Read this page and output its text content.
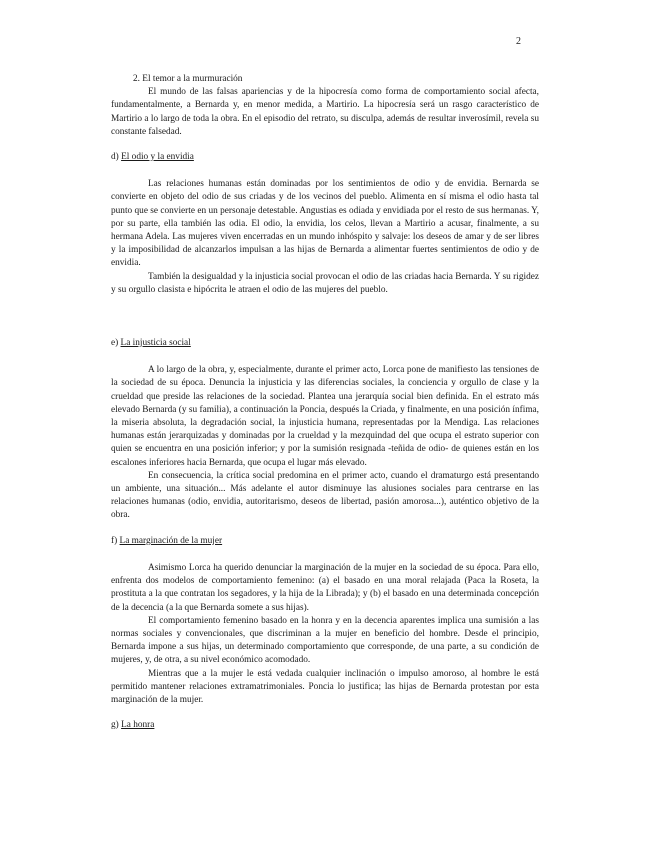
2

2. El temor a la murmuración

El mundo de las falsas apariencias y de la hipocresía como forma de comportamiento social afecta, fundamentalmente, a Bernarda y, en menor medida, a Martirio. La hipocresía será un rasgo característico de Martirio a lo largo de toda la obra. En el episodio del retrato, su disculpa, además de resultar inverosímil, revela su constante falsedad.

d) El odio y la envidia

Las relaciones humanas están dominadas por los sentimientos de odio y de envidia. Bernarda se convierte en objeto del odio de sus criadas y de los vecinos del pueblo. Alimenta en sí misma el odio hasta tal punto que se convierte en un personaje detestable. Angustias es odiada y envidiada por el resto de sus hermanas. Y, por su parte, ella también las odia. El odio, la envidia, los celos, llevan a Martirio a acusar, finalmente, a su hermana Adela. Las mujeres viven encerradas en un mundo inhóspito y salvaje: los deseos de amar y de ser libres y la imposibilidad de alcanzarlos impulsan a las hijas de Bernarda a alimentar fuertes sentimientos de odio y de envidia.

También la desigualdad y la injusticia social provocan el odio de las criadas hacia Bernarda. Y su rigidez y su orgullo clasista e hipócrita le atraen el odio de las mujeres del pueblo.

e) La injusticia social

A lo largo de la obra, y, especialmente, durante el primer acto, Lorca pone de manifiesto las tensiones de la sociedad de su época. Denuncia la injusticia y las diferencias sociales, la conciencia y orgullo de clase y la crueldad que preside las relaciones de la sociedad. Plantea una jerarquía social bien definida. En el estrato más elevado Bernarda (y su familia), a continuación la Poncia, después la Criada, y finalmente, en una posición ínfima, la miseria absoluta, la degradación social, la injusticia humana, representadas por la Mendiga. Las relaciones humanas están jerarquizadas y dominadas por la crueldad y la mezquindad del que ocupa el estrato superior con quien se encuentra en una posición inferior; y por la sumisión resignada -teñida de odio- de quienes están en los escalones inferiores hacia Bernarda, que ocupa el lugar más elevado.

En consecuencia, la crítica social predomina en el primer acto, cuando el dramaturgo está presentando un ambiente, una situación... Más adelante el autor disminuye las alusiones sociales para centrarse en las relaciones humanas (odio, envidia, autoritarismo, deseos de libertad, pasión amorosa...), auténtico objetivo de la obra.

f) La marginación de la mujer

Asimismo Lorca ha querido denunciar la marginación de la mujer en la sociedad de su época. Para ello, enfrenta dos modelos de comportamiento femenino: (a) el basado en una moral relajada (Paca la Roseta, la prostituta a la que contratan los segadores, y la hija de la Librada); y (b) el basado en una determinada concepción de la decencia (a la que Bernarda somete a sus hijas).

El comportamiento femenino basado en la honra y en la decencia aparentes implica una sumisión a las normas sociales y convencionales, que discriminan a la mujer en beneficio del hombre. Desde el principio, Bernarda impone a sus hijas, un determinado comportamiento que corresponde, de una parte, a su condición de mujeres, y, de otra, a su nivel económico acomodado.

Mientras que a la mujer le está vedada cualquier inclinación o impulso amoroso, al hombre le está permitido mantener relaciones extramatrimoniales. Poncia lo justifica; las hijas de Bernarda protestan por esta marginación de la mujer.

g) La honra
